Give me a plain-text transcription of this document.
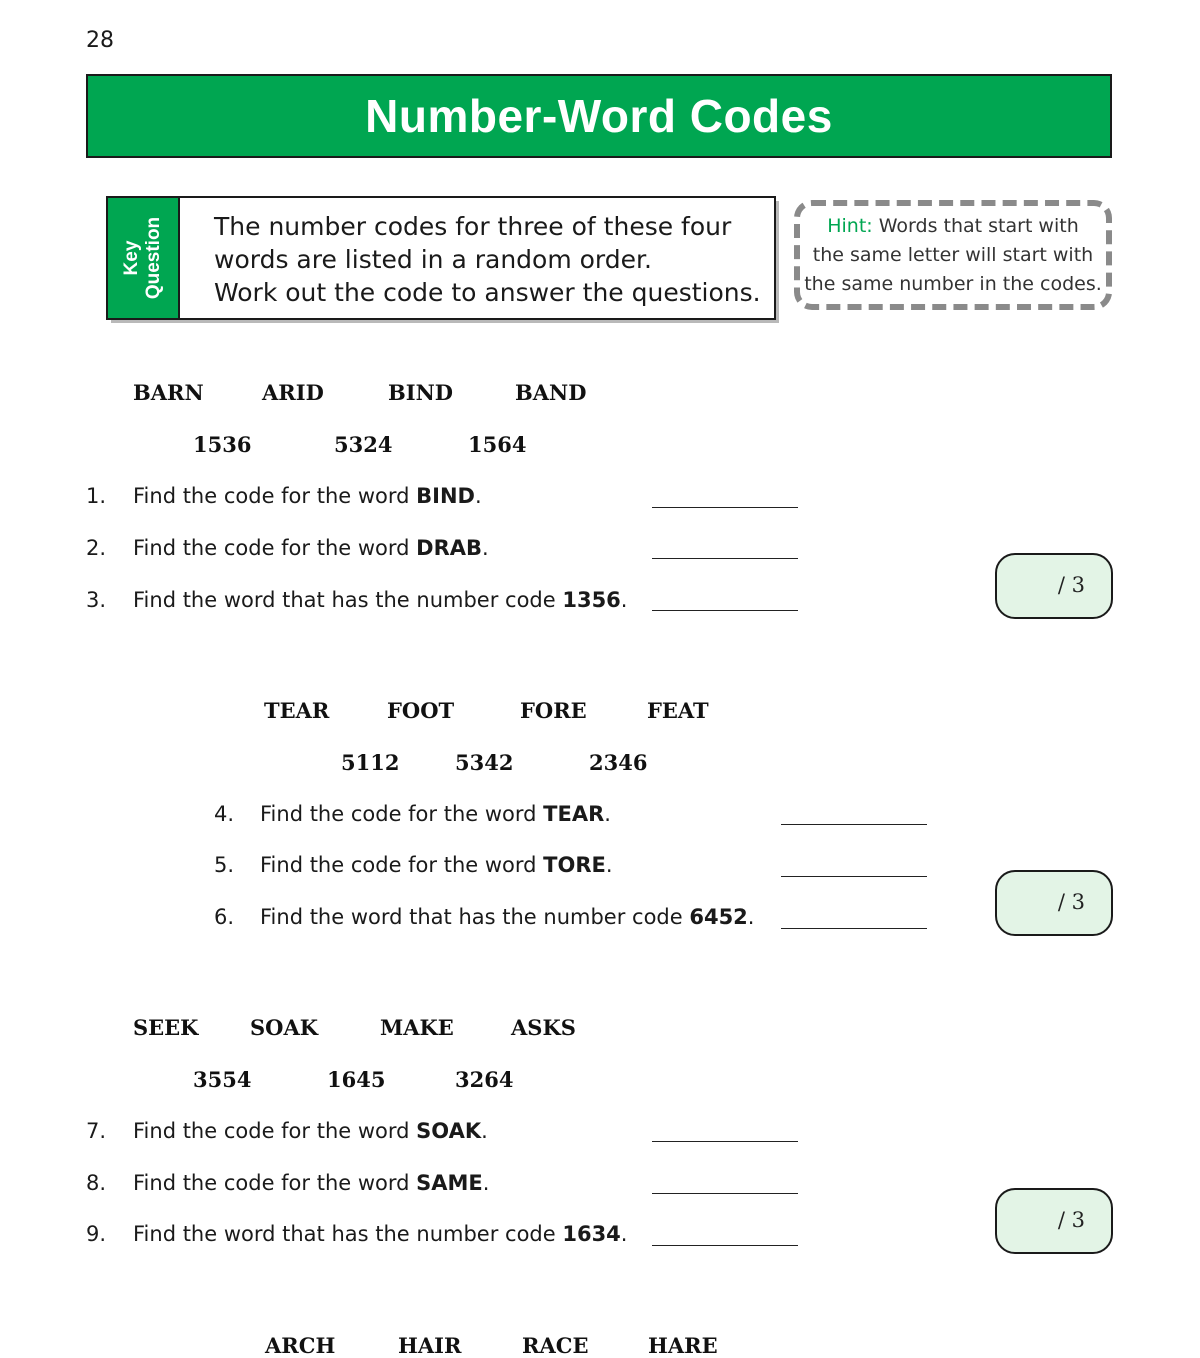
28
Number-Word Codes
Key Question The number codes for three of these four
words are listed in a random order.
Work out the code to answer the questions.
Hint: Words that start with
the same letter will start with
the same number in the codes.
BARN	ARID	BIND	BAND
1536	5324	1564
1. Find the code for the word BIND.
2. Find the code for the word DRAB.
3. Find the word that has the number code 1356.
/ 3
TEAR	FOOT	FORE	FEAT
5112	5342	2346
4. Find the code for the word TEAR.
5. Find the code for the word TORE.
6. Find the word that has the number code 6452.
/ 3
SEEK SOAK	MAKE	ASKS
3554	1645	3264
7. Find the code for the word SOAK.
8. Find the code for the word SAME.
9. Find the word that has the number code 1634.
/ 3
ARCH	HAIR	RACE	HARE
